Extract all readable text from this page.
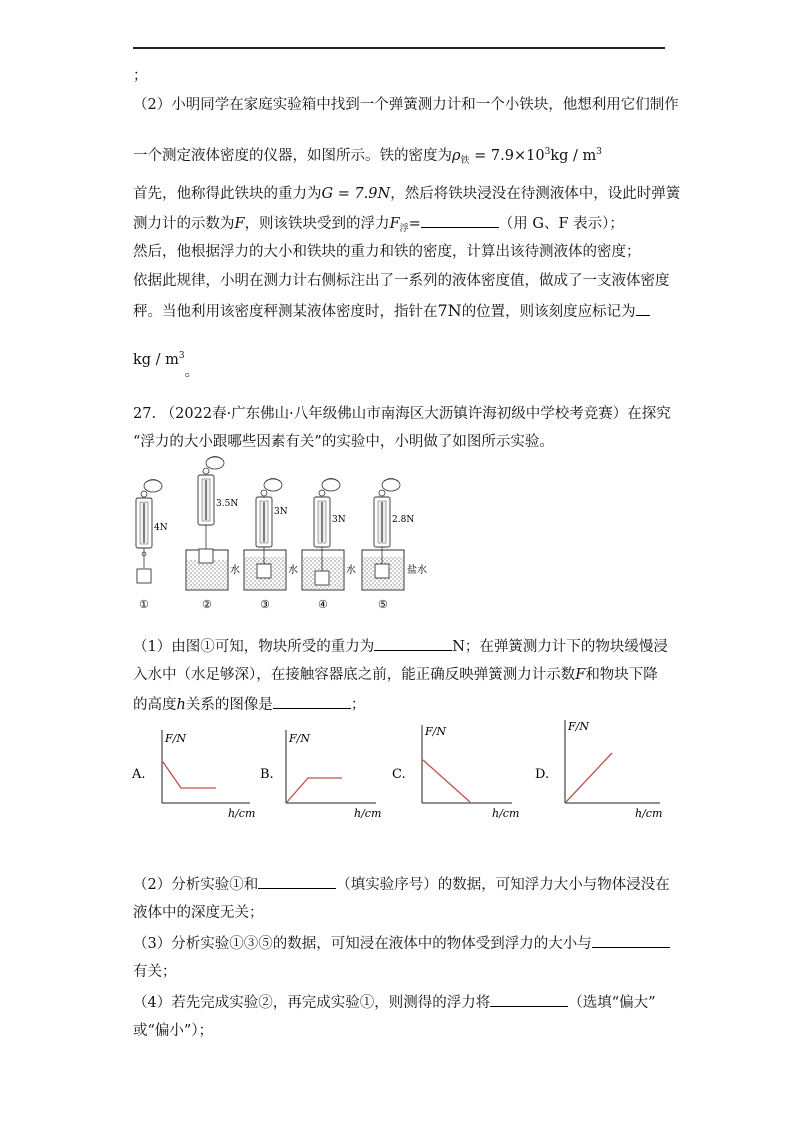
；
（2）小明同学在家庭实验箱中找到一个弹簧测力计和一个小铁块，他想利用它们制作
一个测定液体密度的仪器，如图所示。铁的密度为$\rho_铁 = 7.9\times 10^3kg / m^3$
首先，他称得此铁块的重力为G = 7.9N，然后将铁块浸没在待测液体中，设此时弹簧
测力计的示数为F，则该铁块受到的浮力$F_浮=$	（用 G、F 表示）；
然后，他根据浮力的大小和铁块的重力和铁的密度，计算出该待测液体的密度；
依据此规律，小明在测力计右侧标注出了一系列的液体密度值，做成了一支液体密度
秤。当他利用该密度秤测某液体密度时，指针在7N的位置，则该刻度应标记为
kg / $m^3$。
27. （2022春·广东佛山·八年级佛山市南海区大沥镇许海初级中学校考竞赛）在探究
“浮力的大小跟哪些因素有关”的实验中，小明做了如图所示实验。
4N
①
3.5N
水
②
3N
水
③
3N
水
④
2.8N
盐水
⑤
（1）由图①可知，物块所受的重力为	N；在弹簧测力计下的物块缓慢浸
入水中（水足够深），在接触容器底之前，能正确反映弹簧测力计示数F和物块下降
的高度h关系的图像是	；
A.
F/N
h/cm
B.
F/N
h/cm
C.
F/N
h/cm
D.
F/N
h/cm
（2）分析实验①和	（填实验序号）的数据，可知浮力大小与物体浸没在
液体中的深度无关；
（3）分析实验①③⑤的数据，可知浸在液体中的物体受到浮力的大小与
有关；
（4）若先完成实验②，再完成实验①，则测得的浮力将	（选填“偏大”
或“偏小”）；
